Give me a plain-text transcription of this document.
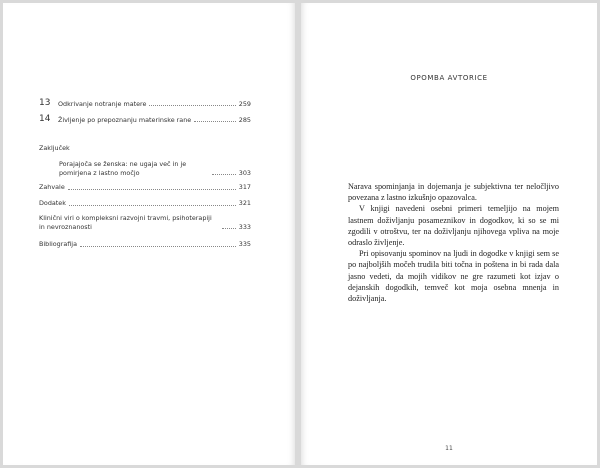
13	Odkrivanje notranje matere	259
14	Življenje po prepoznanju materinske rane	285
Zaključek
Porajajoča se ženska: ne ugaja več in je pomirjena z lastno močjo	303
Zahvale	317
Dodatek	321
Klinični viri o kompleksni razvojni travmi, psihoterapiji in nevroznanosti	333
Bibliografija	335
OPOMBA AVTORICE

Narava spominjanja in dojemanja je subjektivna ter neločljivo povezana z lastno izkušnjo opazovalca.

V knjigi navedeni osebni primeri temeljijo na mojem lastnem doživljanju posameznikov in dogodkov, ki so se mi zgodili v otroštvu, ter na doživljanju njihovega vpliva na moje odraslo življenje.

Pri opisovanju spominov na ljudi in dogodke v knjigi sem se po najboljših močeh trudila biti točna in poštena in bi rada dala jasno vedeti, da mojih vidikov ne gre razumeti kot izjav o dejanskih dogodkih, temveč kot moja osebna mnenja in doživljanja.

11
